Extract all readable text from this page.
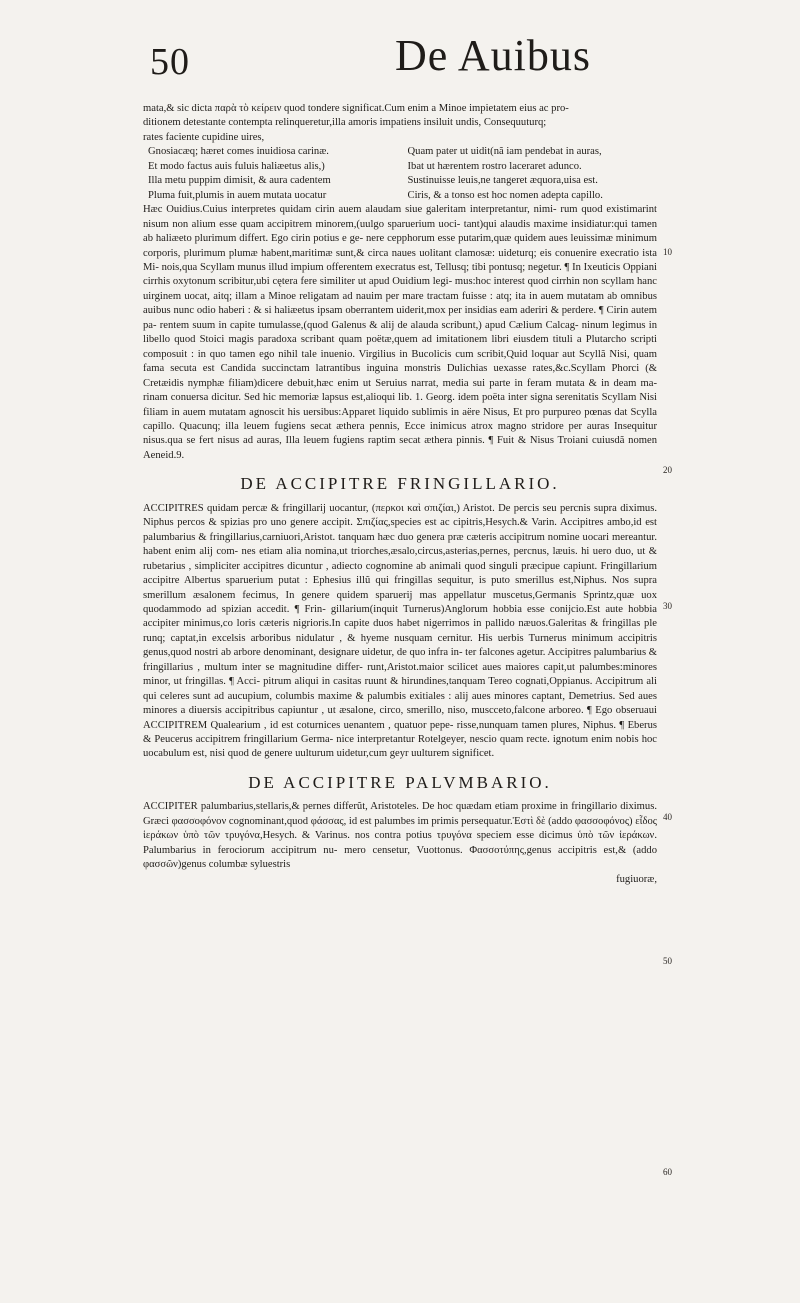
50	De Auibus

mata,& sic dicta παρὰ τὸ κείρειν quod tondere significat.Cum enim a Minoe impietatem eius ac pro-

ditionem detestante contempta relinqueretur,illa amoris impatiens insiluit undis, Consequuturq;

rates faciente cupidine uires,

Gnosiacæq; hæret comes inuidiosa carinæ.	Quam pater ut uidit(nã iam pendebat in auras,
Et modo factus auis fuluis haliæetus alis,)	Ibat ut hærentem rostro laceraret adunco.
Illa metu puppim dimisit, & aura cadentem	Sustinuisse leuis,ne tangeret æquora,uisa est.
Pluma fuit,plumis in auem mutata uocatur	Ciris, & a tonso est hoc nomen adepta capillo.

Hæc Ouidius.Cuius interpretes quidam cirin auem alaudam siue galeritam interpretantur, nimi- rum quod existimarint nisum non alium esse quam accipitrem minorem,(uulgo sparuerium uoci- tant)qui alaudis maxime insidiatur:qui tamen ab haliæeto plurimum differt. Ego cirin potius e ge- nere cepphorum esse putarim,quæ quidem aues leuissimæ minimum corporis, plurimum plumæ habent,maritimæ sunt,& circa naues uolitant clamosæ: uideturq; eis conuenire execratio ista Mi- nois,qua Scyllam munus illud impium offerentem execratus est, Tellusq; tibi pontusq; negetur. ¶ In Ixeuticis Oppiani cirrhis oxytonum scribitur,ubi cętera fere similiter ut apud Ouidium legi- mus:hoc interest quod cirrhin non scyllam hanc uirginem uocat, aitq; illam a Minoe religatam ad nauim per mare tractam fuisse : atq; ita in auem mutatam ab omnibus auibus nunc odio haberi : & si haliæetus ipsam oberrantem uiderit,mox per insidias eam aderiri & perdere. ¶ Cirin autem pa- rentem suum in capite tumulasse,(quod Galenus & alij de alauda scribunt,) apud Cælium Calcag- ninum legimus in libello quod Stoici magis paradoxa scribant quam poëtæ,quem ad imitationem libri eiusdem tituli a Plutarcho scripti composuit : in quo tamen ego nihil tale inuenio. Virgilius in Bucolicis cum scribit,Quid loquar aut Scyllã Nisi, quam fama secuta est Candida succinctam latrantibus inguina monstris Dulichias uexasse rates,&c.Scyllam Phorci (& Cretæidis nymphæ filiam)dicere debuit,hæc enim ut Seruius narrat, media sui parte in feram mutata & in deam ma- rinam conuersa dicitur. Sed hic memoriæ lapsus est,alioqui lib. 1. Georg. idem poëta inter signa serenitatis Scyllam Nisi filiam in auem mutatam agnoscit his uersibus:Apparet liquido sublimis in aëre Nisus, Et pro purpureo pœnas dat Scylla capillo. Quacunq; illa leuem fugiens secat æthera pennis, Ecce inimicus atrox magno stridore per auras Insequitur nisus.qua se fert nisus ad auras, Illa leuem fugiens raptim secat æthera pinnis. ¶ Fuit & Nisus Troiani cuiusdã nomen Aeneid.9.

DE ACCIPITRE FRINGILLARIO.

ACCIPITRES quidam percæ & fringillarij uocantur, (περκοι καὶ σπιζίαι,) Aristot. De percis seu percnis supra diximus. Niphus percos & spizias pro uno genere accipit. Σπιζίας,species est ac cipitris,Hesych.& Varin. Accipitres ambo,id est palumbarius & fringillarius,carniuori,Aristot. tanquam hæc duo genera præ cæteris accipitrum nomine uocari mereantur. habent enim alij com- nes etiam alia nomina,ut triorches,æsalo,circus,asterias,pernes, percnus, læuis. hi uero duo, ut & rubetarius , simpliciter accipitres dicuntur , adiecto cognomine ab animali quod singuli præcipue capiunt. Fringillarium accipitre Albertus sparuerium putat : Ephesius illũ qui fringillas sequitur, is puto smerillus est,Niphus. Nos supra smerillum æsalonem fecimus, In genere quidem sparuerij mas appellatur muscetus,Germanis Sprintz,quæ uox quodammodo ad spizian accedit. ¶ Frin- gillarium(inquit Turnerus)Anglorum hobbia esse conijcio.Est aute hobbia accipiter minimus,co loris cæteris nigrioris.In capite duos habet nigerrimos in pallido næuos.Galeritas & fringillas ple runq; captat,in excelsis arboribus nidulatur , & hyeme nusquam cernitur. His uerbis Turnerus minimum accipitris genus,quod nostri ab arbore denominant, designare uidetur, de quo infra in- ter falcones agetur. Accipitres palumbarius & fringillarius , multum inter se magnitudine differ- runt,Aristot.maior scilicet aues maiores capit,ut palumbes:minores minor, ut fringillas. ¶ Acci- pitrum aliqui in casitas ruunt & hirundines,tanquam Tereo cognati,Oppianus. Accipitrum ali qui celeres sunt ad aucupium, columbis maxime & palumbis exitiales : alij aues minores captant, Demetrius. Sed aues minores a diuersis accipitribus capiuntur , ut æsalone, circo, smerillo, niso, muscceto,falcone arboreo. ¶ Ego obseruaui ACCIPITREM Qualearium , id est coturnices uenantem , quatuor pepe- risse,nunquam tamen plures, Niphus. ¶ Eberus & Peucerus accipitrem fringillarium Germa- nice interpretantur Rotelgeyer, nescio quam recte. ignotum enim nobis hoc uocabulum est, nisi quod de genere uulturum uidetur,cum geyr uulturem significet.

DE ACCIPITRE PALVMBARIO.

ACCIPITER palumbarius,stellaris,& pernes differũt, Aristoteles. De hoc quædam etiam proxime in fringillario diximus. Græci φασσοφόνον cognominant,quod φάσσας, id est palumbes im primis persequatur.Ἐστὶ δὲ (addo φασσοφόνος) εἶδος ἱεράκων ὑπὸ τῶν τρυγόνα,Hesych. & Varinus. nos contra potius τρυγόνα speciem esse dicimus ὑπὸ τῶν ἱεράκων. Palumbarius in ferociorum accipitrum nu- mero censetur, Vuottonus. Φασσοτύπης,genus accipitris est,& (addo φασσῶν)genus columbæ syluestris

fugiuoræ,

10
20
30
40
50
60
